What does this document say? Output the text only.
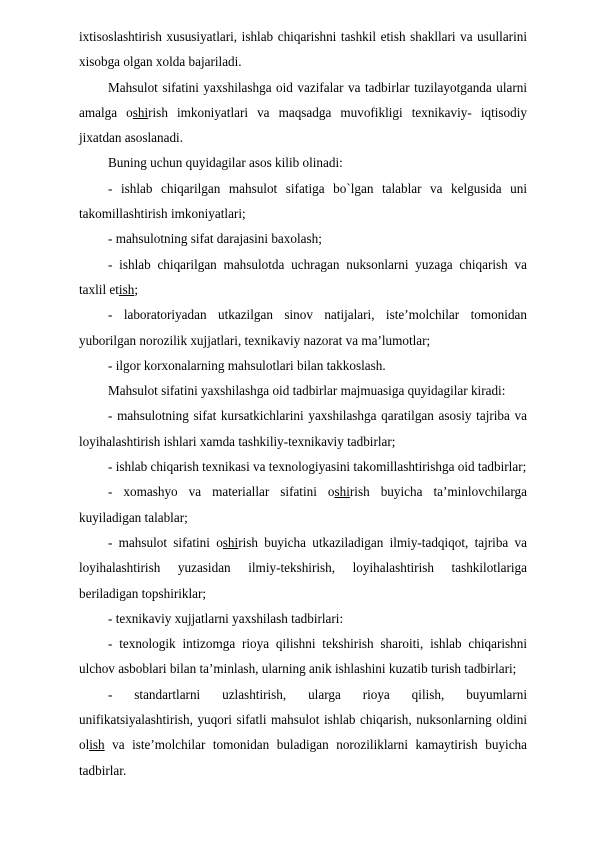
ixtisoslashtirish xususiyatlari, ishlab chiqarishni tashkil etish shakllari va usullarini xisobga olgan xolda bajariladi.

Mahsulot sifatini yaxshilashga oid vazifalar va tadbirlar tuzilayotganda ularni amalga oshirish imkoniyatlari va maqsadga muvofikligi texnikaviy- iqtisodiy jixatdan asoslanadi.

Buning uchun quyidagilar asos kilib olinadi:

- ishlab chiqarilgan mahsulot sifatiga bo`lgan talablar va kelgusida uni takomillashtirish imkoniyatlari;

- mahsulotning sifat darajasini baxolash;

- ishlab chiqarilgan mahsulotda uchragan nuksonlarni yuzaga chiqarish va taxlil etish;

- laboratoriyadan utkazilgan sinov natijalari, iste’molchilar tomonidan yuborilgan norozilik xujjatlari, texnikaviy nazorat va ma’lumotlar;

- ilgor korxonalarning mahsulotlari bilan takkoslash.

Mahsulot sifatini yaxshilashga oid tadbirlar majmuasiga quyidagilar kiradi:

- mahsulotning sifat kursatkichlarini yaxshilashga qaratilgan asosiy tajriba va loyihalashtirish ishlari xamda tashkiliy-texnikaviy tadbirlar;

- ishlab chiqarish texnikasi va texnologiyasini takomillashtirishga oid tadbirlar;

- xomashyo va materiallar sifatini oshirish buyicha ta’minlovchilarga kuyiladigan talablar;

- mahsulot sifatini oshirish buyicha utkaziladigan ilmiy-tadqiqot, tajriba va loyihalashtirish yuzasidan ilmiy-tekshirish, loyihalashtirish tashkilotlariga beriladigan topshiriklar;

- texnikaviy xujjatlarni yaxshilash tadbirlari:

- texnologik intizomga rioya qilishni tekshirish sharoiti, ishlab chiqarishni ulchov asboblari bilan ta’minlash, ularning anik ishlashini kuzatib turish tadbirlari;

- standartlarni uzlashtirish, ularga rioya qilish, buyumlarni unifikatsiyalashtirish, yuqori sifatli mahsulot ishlab chiqarish, nuksonlarning oldini olish va iste’molchilar tomonidan buladigan noroziliklarni kamaytirish buyicha tadbirlar.
